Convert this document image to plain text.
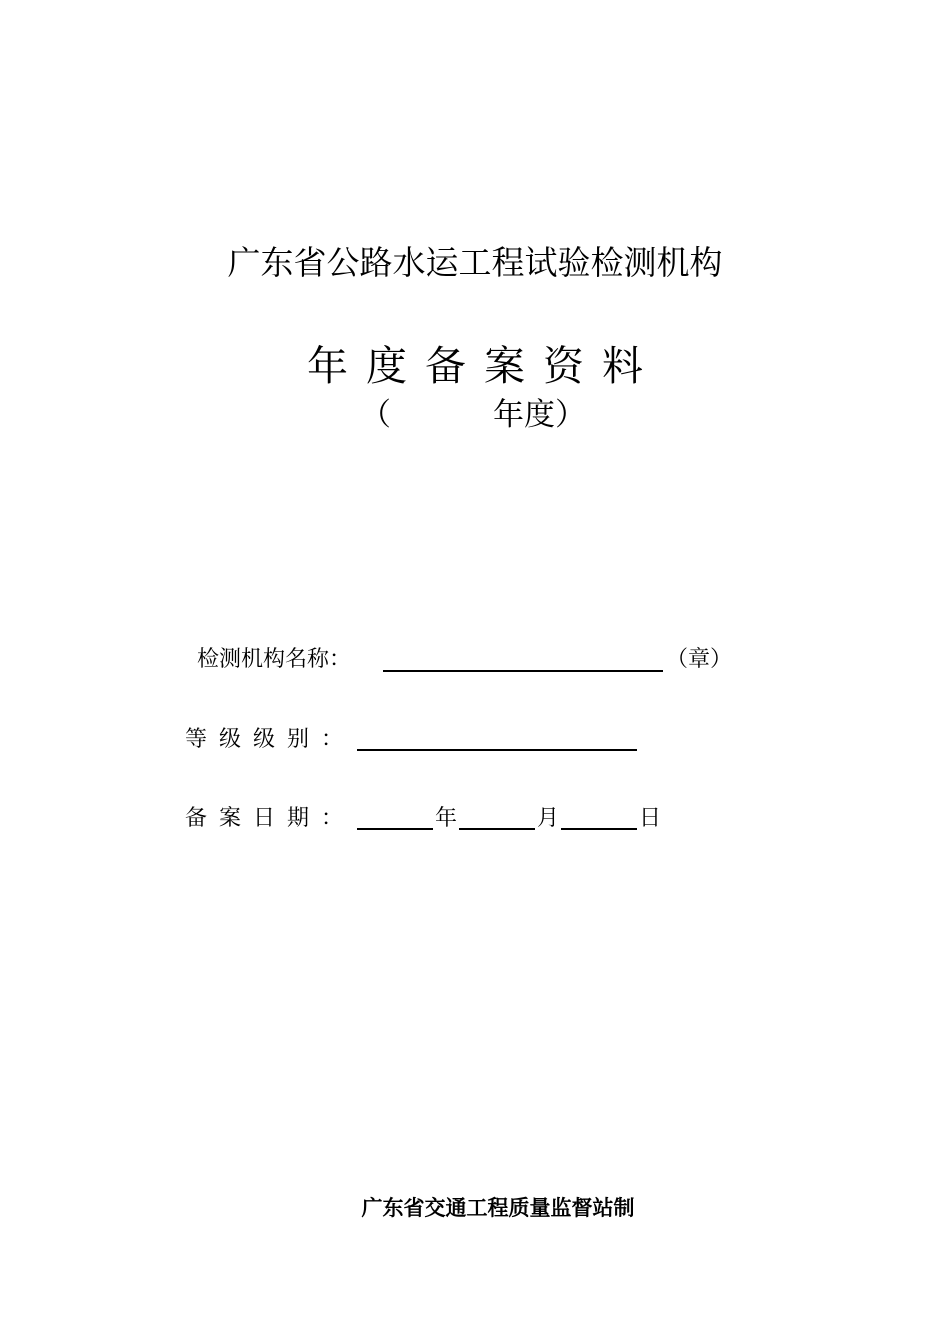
广东省公路水运工程试验检测机构
年度备案资料
（	年度）
检测机构名称：	（章）
等级级别：
备案日期：	年	月	日
广东省交通工程质量监督站制
